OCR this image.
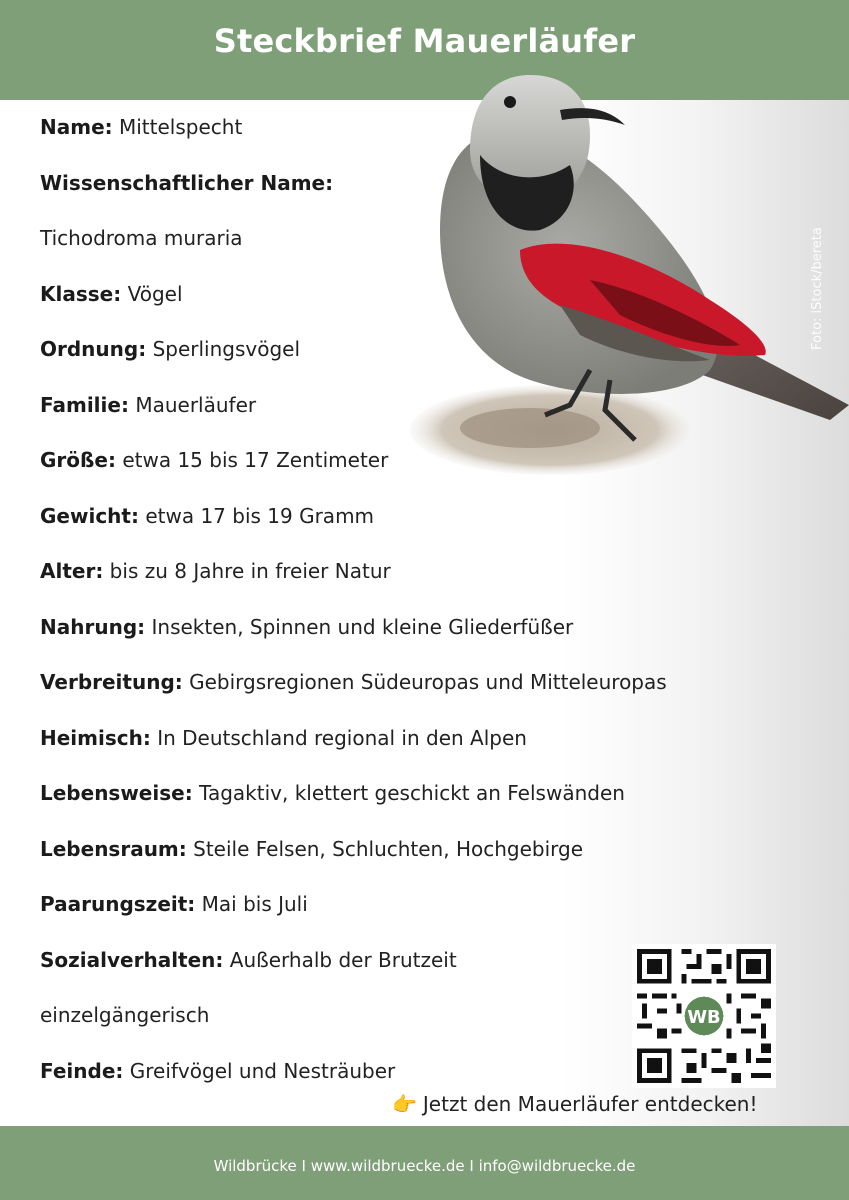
Steckbrief Mauerläufer
Foto: iStock/bereta
Name: Mittelspecht
Wissenschaftlicher Name:
Tichodroma muraria
Klasse: Vögel
Ordnung: Sperlingsvögel
Familie: Mauerläufer
Größe: etwa 15 bis 17 Zentimeter
Gewicht: etwa 17 bis 19 Gramm
Alter: bis zu 8 Jahre in freier Natur
Nahrung: Insekten, Spinnen und kleine Gliederfüßer
Verbreitung: Gebirgsregionen Südeuropas und Mitteleuropas
Heimisch: In Deutschland regional in den Alpen
Lebensweise: Tagaktiv, klettert geschickt an Felswänden
Lebensraum: Steile Felsen, Schluchten, Hochgebirge
Paarungszeit: Mai bis Juli
Sozialverhalten: Außerhalb der Brutzeit
einzelgängerisch
Feinde: Greifvögel und Nesträuber
WB
👉 Jetzt den Mauerläufer entdecken!
Wildbrücke I www.wildbruecke.de I info@wildbruecke.de
